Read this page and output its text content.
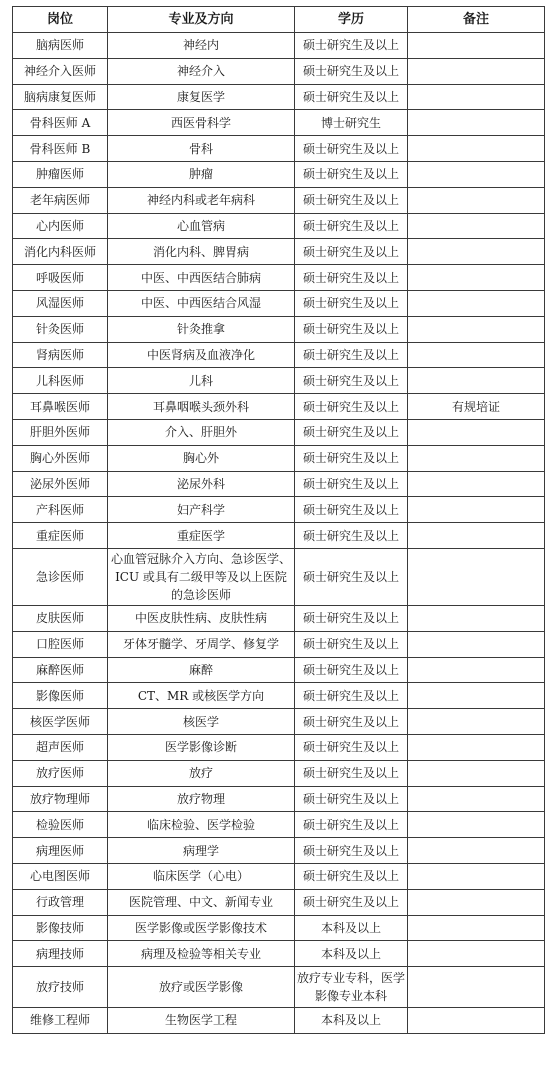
岗位	专业及方向	学历	备注
脑病医师	神经内	硕士研究生及以上	
神经介入医师	神经介入	硕士研究生及以上	
脑病康复医师	康复医学	硕士研究生及以上	
骨科医师 A	西医骨科学	博士研究生	
骨科医师 B	骨科	硕士研究生及以上	
肿瘤医师	肿瘤	硕士研究生及以上	
老年病医师	神经内科或老年病科	硕士研究生及以上	
心内医师	心血管病	硕士研究生及以上	
消化内科医师	消化内科、脾胃病	硕士研究生及以上	
呼吸医师	中医、中西医结合肺病	硕士研究生及以上	
风湿医师	中医、中西医结合风湿	硕士研究生及以上	
针灸医师	针灸推拿	硕士研究生及以上	
肾病医师	中医肾病及血液净化	硕士研究生及以上	
儿科医师	儿科	硕士研究生及以上	
耳鼻喉医师	耳鼻咽喉头颈外科	硕士研究生及以上	有规培证
肝胆外医师	介入、肝胆外	硕士研究生及以上	
胸心外医师	胸心外	硕士研究生及以上	
泌尿外医师	泌尿外科	硕士研究生及以上	
产科医师	妇产科学	硕士研究生及以上	
重症医师	重症医学	硕士研究生及以上	
急诊医师	心血管冠脉介入方向、急诊医学、ICU 或具有二级甲等及以上医院的急诊医师	硕士研究生及以上	
皮肤医师	中医皮肤性病、皮肤性病	硕士研究生及以上	
口腔医师	牙体牙髓学、牙周学、修复学	硕士研究生及以上	
麻醉医师	麻醉	硕士研究生及以上	
影像医师	CT、MR 或核医学方向	硕士研究生及以上	
核医学医师	核医学	硕士研究生及以上	
超声医师	医学影像诊断	硕士研究生及以上	
放疗医师	放疗	硕士研究生及以上	
放疗物理师	放疗物理	硕士研究生及以上	
检验医师	临床检验、医学检验	硕士研究生及以上	
病理医师	病理学	硕士研究生及以上	
心电图医师	临床医学（心电）	硕士研究生及以上	
行政管理	医院管理、中文、新闻专业	硕士研究生及以上	
影像技师	医学影像或医学影像技术	本科及以上	
病理技师	病理及检验等相关专业	本科及以上	
放疗技师	放疗或医学影像	放疗专业专科，医学影像专业本科	
维修工程师	生物医学工程	本科及以上	
